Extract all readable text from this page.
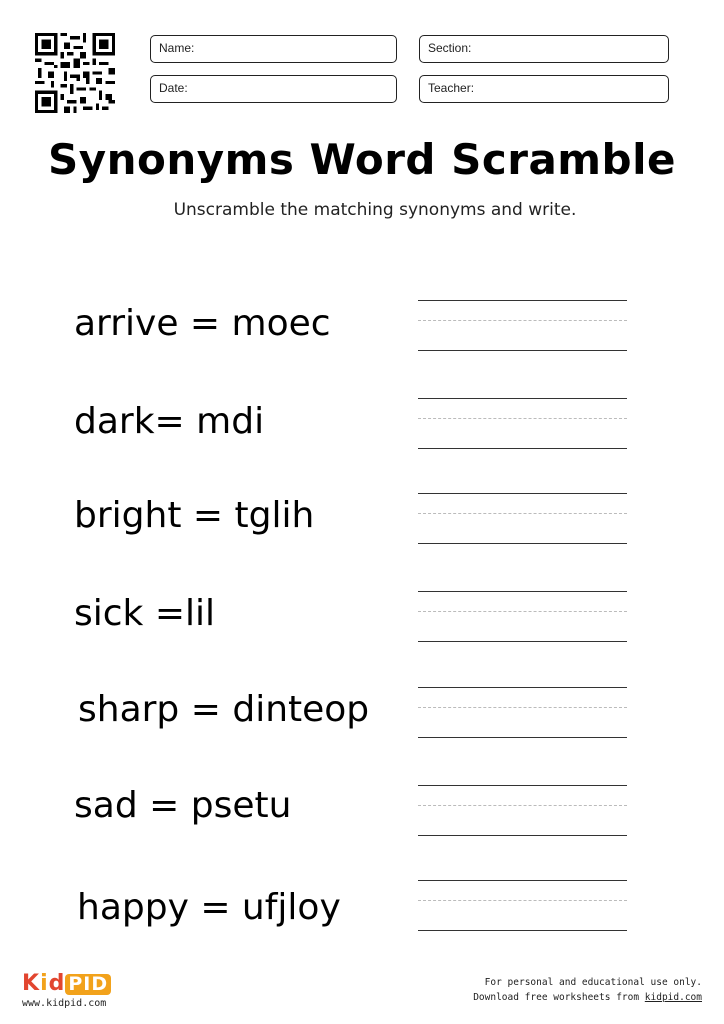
Name:	Section:
Date:	Teacher:
Synonyms Word Scramble
Unscramble the matching synonyms and write.
arrive = moec
dark= mdi
bright = tglih
sick =lil
sharp = dinteop
sad = psetu
happy = ufjloy
Kid PID
www.kidpid.com
For personal and educational use only.
Download free worksheets from kidpid.com
